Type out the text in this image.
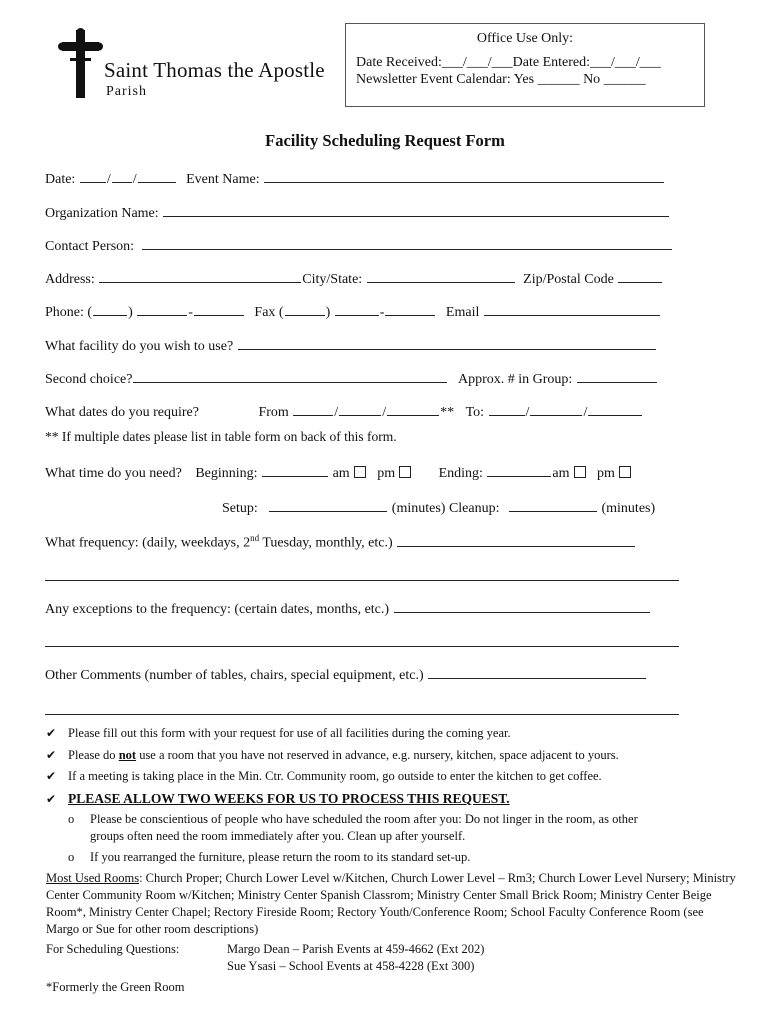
Saint Thomas the Apostle
Parish
Office Use Only:
Date Received:___/___/___Date Entered:___/___/___
Newsletter Event Calendar: Yes ______ No ______
Facility Scheduling Request Form
Date: / /	Event Name:
Organization Name:
Contact Person:
Address:	City/State:	Zip/Postal Code
Phone: (	)	-	Fax (	)	-	Email
What facility do you wish to use?
Second choice?	Approx. # in Group:
What dates do you require?	From	/	/	** To:	/	/
** If multiple dates please list in table form on back of this form.
What time do you need? Beginning:	am pm	Ending:	am pm
Setup:	(minutes) Cleanup:	(minutes)
What frequency: (daily, weekdays, 2nd Tuesday, monthly, etc.)
Any exceptions to the frequency: (certain dates, months, etc.)
Other Comments (number of tables, chairs, special equipment, etc.)
✔ Please fill out this form with your request for use of all facilities during the coming year.
✔ Please do not use a room that you have not reserved in advance, e.g. nursery, kitchen, space adjacent to yours.
✔ If a meeting is taking place in the Min. Ctr. Community room, go outside to enter the kitchen to get coffee.
✔ PLEASE ALLOW TWO WEEKS FOR US TO PROCESS THIS REQUEST.
o Please be conscientious of people who have scheduled the room after you: Do not linger in the room, as other
groups often need the room immediately after you. Clean up after yourself.
o If you rearranged the furniture, please return the room to its standard set-up.
Most Used Rooms: Church Proper; Church Lower Level w/Kitchen, Church Lower Level – Rm3; Church Lower Level Nursery; Ministry Center Community Room w/Kitchen; Ministry Center Spanish Classrom; Ministry Center Small Brick Room; Ministry Center Beige Room*, Ministry Center Chapel; Rectory Fireside Room; Rectory Youth/Conference Room; School Faculty Conference Room (see Margo or Sue for other room descriptions)
For Scheduling Questions:	Margo Dean – Parish Events at 459-4662 (Ext 202)
Sue Ysasi – School Events at 458-4228 (Ext 300)
*Formerly the Green Room
